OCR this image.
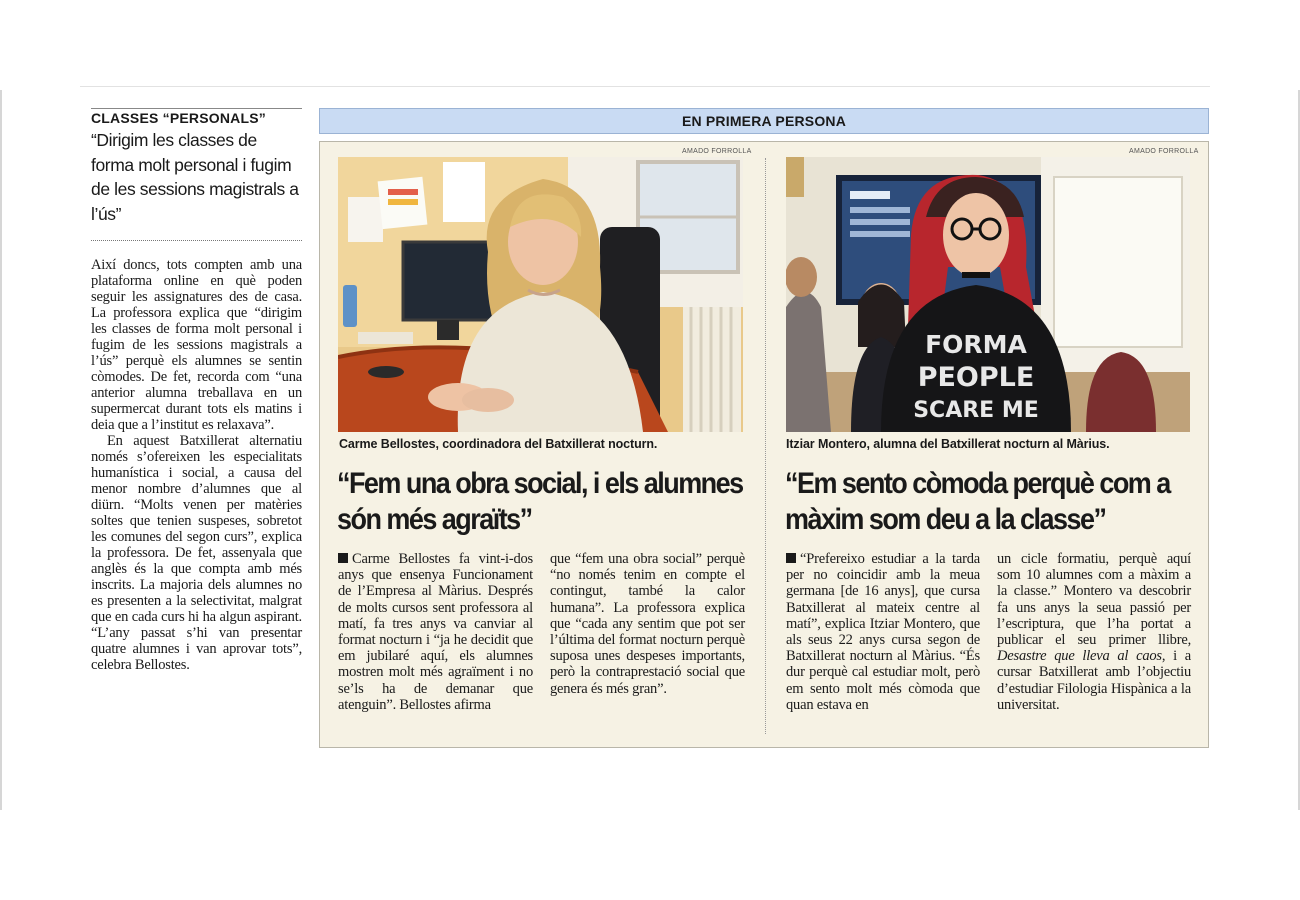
CLASSES “PERSONALS”
“Dirigim les classes de forma molt personal i fugim de les sessions magistrals a l’ús”

Així doncs, tots compten amb una plataforma online en què poden seguir les assignatures des de casa. La professora explica que “dirigim les classes de forma molt personal i fugim de les sessions magistrals a l’ús” perquè els alumnes se sentin còmodes. De fet, recorda com “una anterior alumna treballava en un supermercat durant tots els matins i deia que a l’institut es relaxava”.

En aquest Batxillerat alternatiu només s’ofereixen les especialitats humanística i social, a causa del menor nombre d’alumnes que al diürn. “Molts venen per matèries soltes que tenien suspeses, sobretot les comunes del segon curs”, explica la professora. De fet, assenyala que anglès és la que compta amb més inscrits. La majoria dels alumnes no es presenten a la selectivitat, malgrat que en cada curs hi ha algun aspirant. “L’any passat s’hi van presentar quatre alumnes i van aprovar tots”, celebra Bellostes.

EN PRIMERA PERSONA
AMADO FORROLLA
Carme Bellostes, coordinadora del Batxillerat nocturn.
“Fem una obra social, i els alumnes
són més agraïts”

Carme Bellostes fa vint-i-dos anys que ensenya Funcionament de l’Empresa al Màrius. Després de molts cursos sent professora al matí, fa tres anys va canviar al format nocturn i “ja he decidit que em jubilaré aquí, els alumnes mostren molt més agraïment i no se’ls ha de demanar que atenguin”. Bellostes afirma

que “fem una obra social” perquè “no només tenim en compte el contingut, també la calor humana”. La professora explica que “cada any sentim que pot ser l’última del format nocturn perquè suposa unes despeses importants, però la contraprestació social que genera és més gran”.

AMADO FORROLLA
FORMA
PEOPLE
SCARE ME
Itziar Montero, alumna del Batxillerat nocturn al Màrius.
“Em sento còmoda perquè com a
màxim som deu a la classe”

“Prefereixo estudiar a la tarda per no coincidir amb la meua germana [de 16 anys], que cursa Batxillerat al mateix centre al matí”, explica Itziar Montero, que als seus 22 anys cursa segon de Batxillerat nocturn al Màrius. “És dur perquè cal estudiar molt, però em sento molt més còmoda que quan estava en

un cicle formatiu, perquè aquí som 10 alumnes com a màxim a la classe.” Montero va descobrir fa uns anys la seua passió per l’escriptura, que l’ha portat a publicar el seu primer llibre, Desastre que lleva al caos, i a cursar Batxillerat amb l’objectiu d’estudiar Filologia Hispànica a la universitat.
